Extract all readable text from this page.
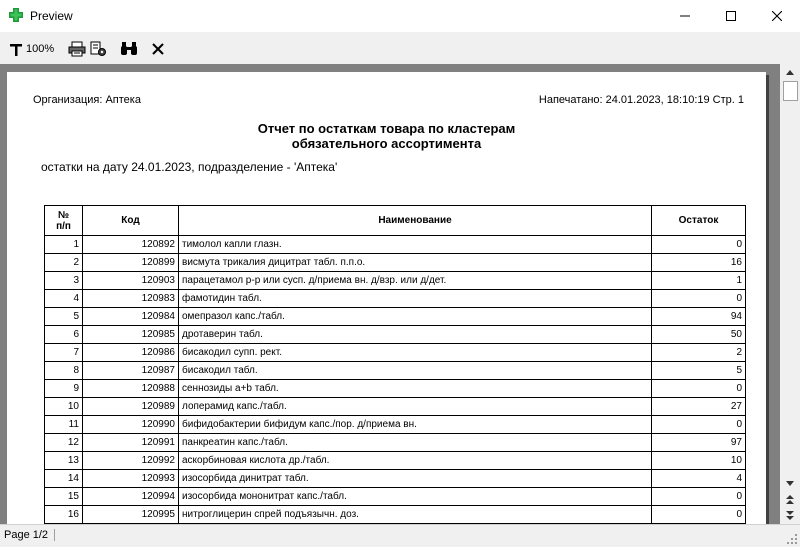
Preview
100%
Организация: Аптека	Напечатано: 24.01.2023, 18:10:19 Стр. 1
Отчет по остаткам товара по кластерам
обязательного ассортимента
остатки на дату 24.01.2023, подразделение - 'Аптека'
№
п/п	Код	Наименование	Остаток
1	120892	тимолол капли глазн.	0
2	120899	висмута трикалия дицитрат табл. п.п.о.	16
3	120903	парацетамол р-р или сусп. д/приема вн. д/взр. или д/дет.	1
4	120983	фамотидин табл.	0
5	120984	омепразол капс./табл.	94
6	120985	дротаверин табл.	50
7	120986	бисакодил супп. рект.	2
8	120987	бисакодил табл.	5
9	120988	сеннозиды a+b табл.	0
10	120989	лоперамид капс./табл.	27
11	120990	бифидобактерии бифидум капс./пор. д/приема вн.	0
12	120991	панкреатин капс./табл.	97
13	120992	аскорбиновая кислота др./табл.	10
14	120993	изосорбида динитрат табл.	4
15	120994	изосорбида мононитрат капс./табл.	0
16	120995	нитроглицерин спрей подъязычн. доз.	0
Page 1/2
